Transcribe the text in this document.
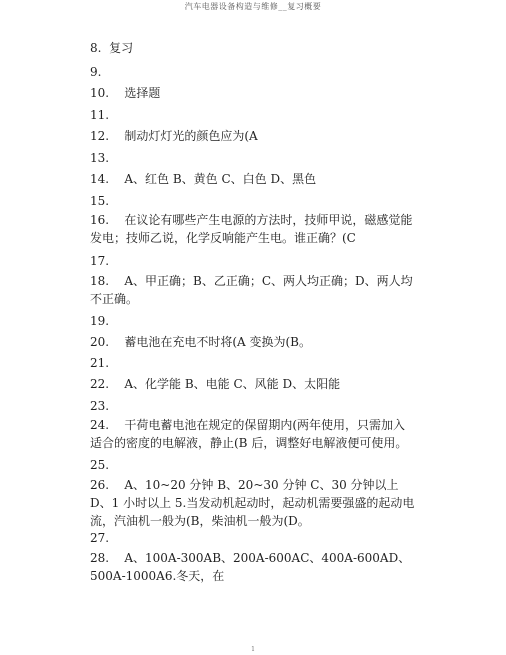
汽车电器设备构造与维修__复习概要
8.  复习
9.
10.    选择题
11.
12.    制动灯灯光的颜色应为(A
13.
14.    A、红色 B、黄色 C、白色 D、黑色
15.
16.    在议论有哪些产生电源的方法时，技师甲说，磁感觉能发电；技师乙说，化学反响能产生电。谁正确？(C
17.
18.    A、甲正确；B、乙正确；C、两人均正确；D、两人均不正确。
19.
20.    蓄电池在充电不时将(A 变换为(B。
21.
22.    A、化学能 B、电能 C、风能 D、太阳能
23.
24.    干荷电蓄电池在规定的保留期内(两年使用，只需加入适合的密度的电解液，静止(B 后，调整好电解液便可使用。
25.
26.    A、10~20 分钟 B、20~30 分钟 C、30 分钟以上 D、1 小时以上 5.当发动机起动时，起动机需要强盛的起动电流，汽油机一般为(B，柴油机一般为(D。
27.
28.    A、100A-300AB、200A-600AC、400A-600AD、500A-1000A6.冬天，在
1
